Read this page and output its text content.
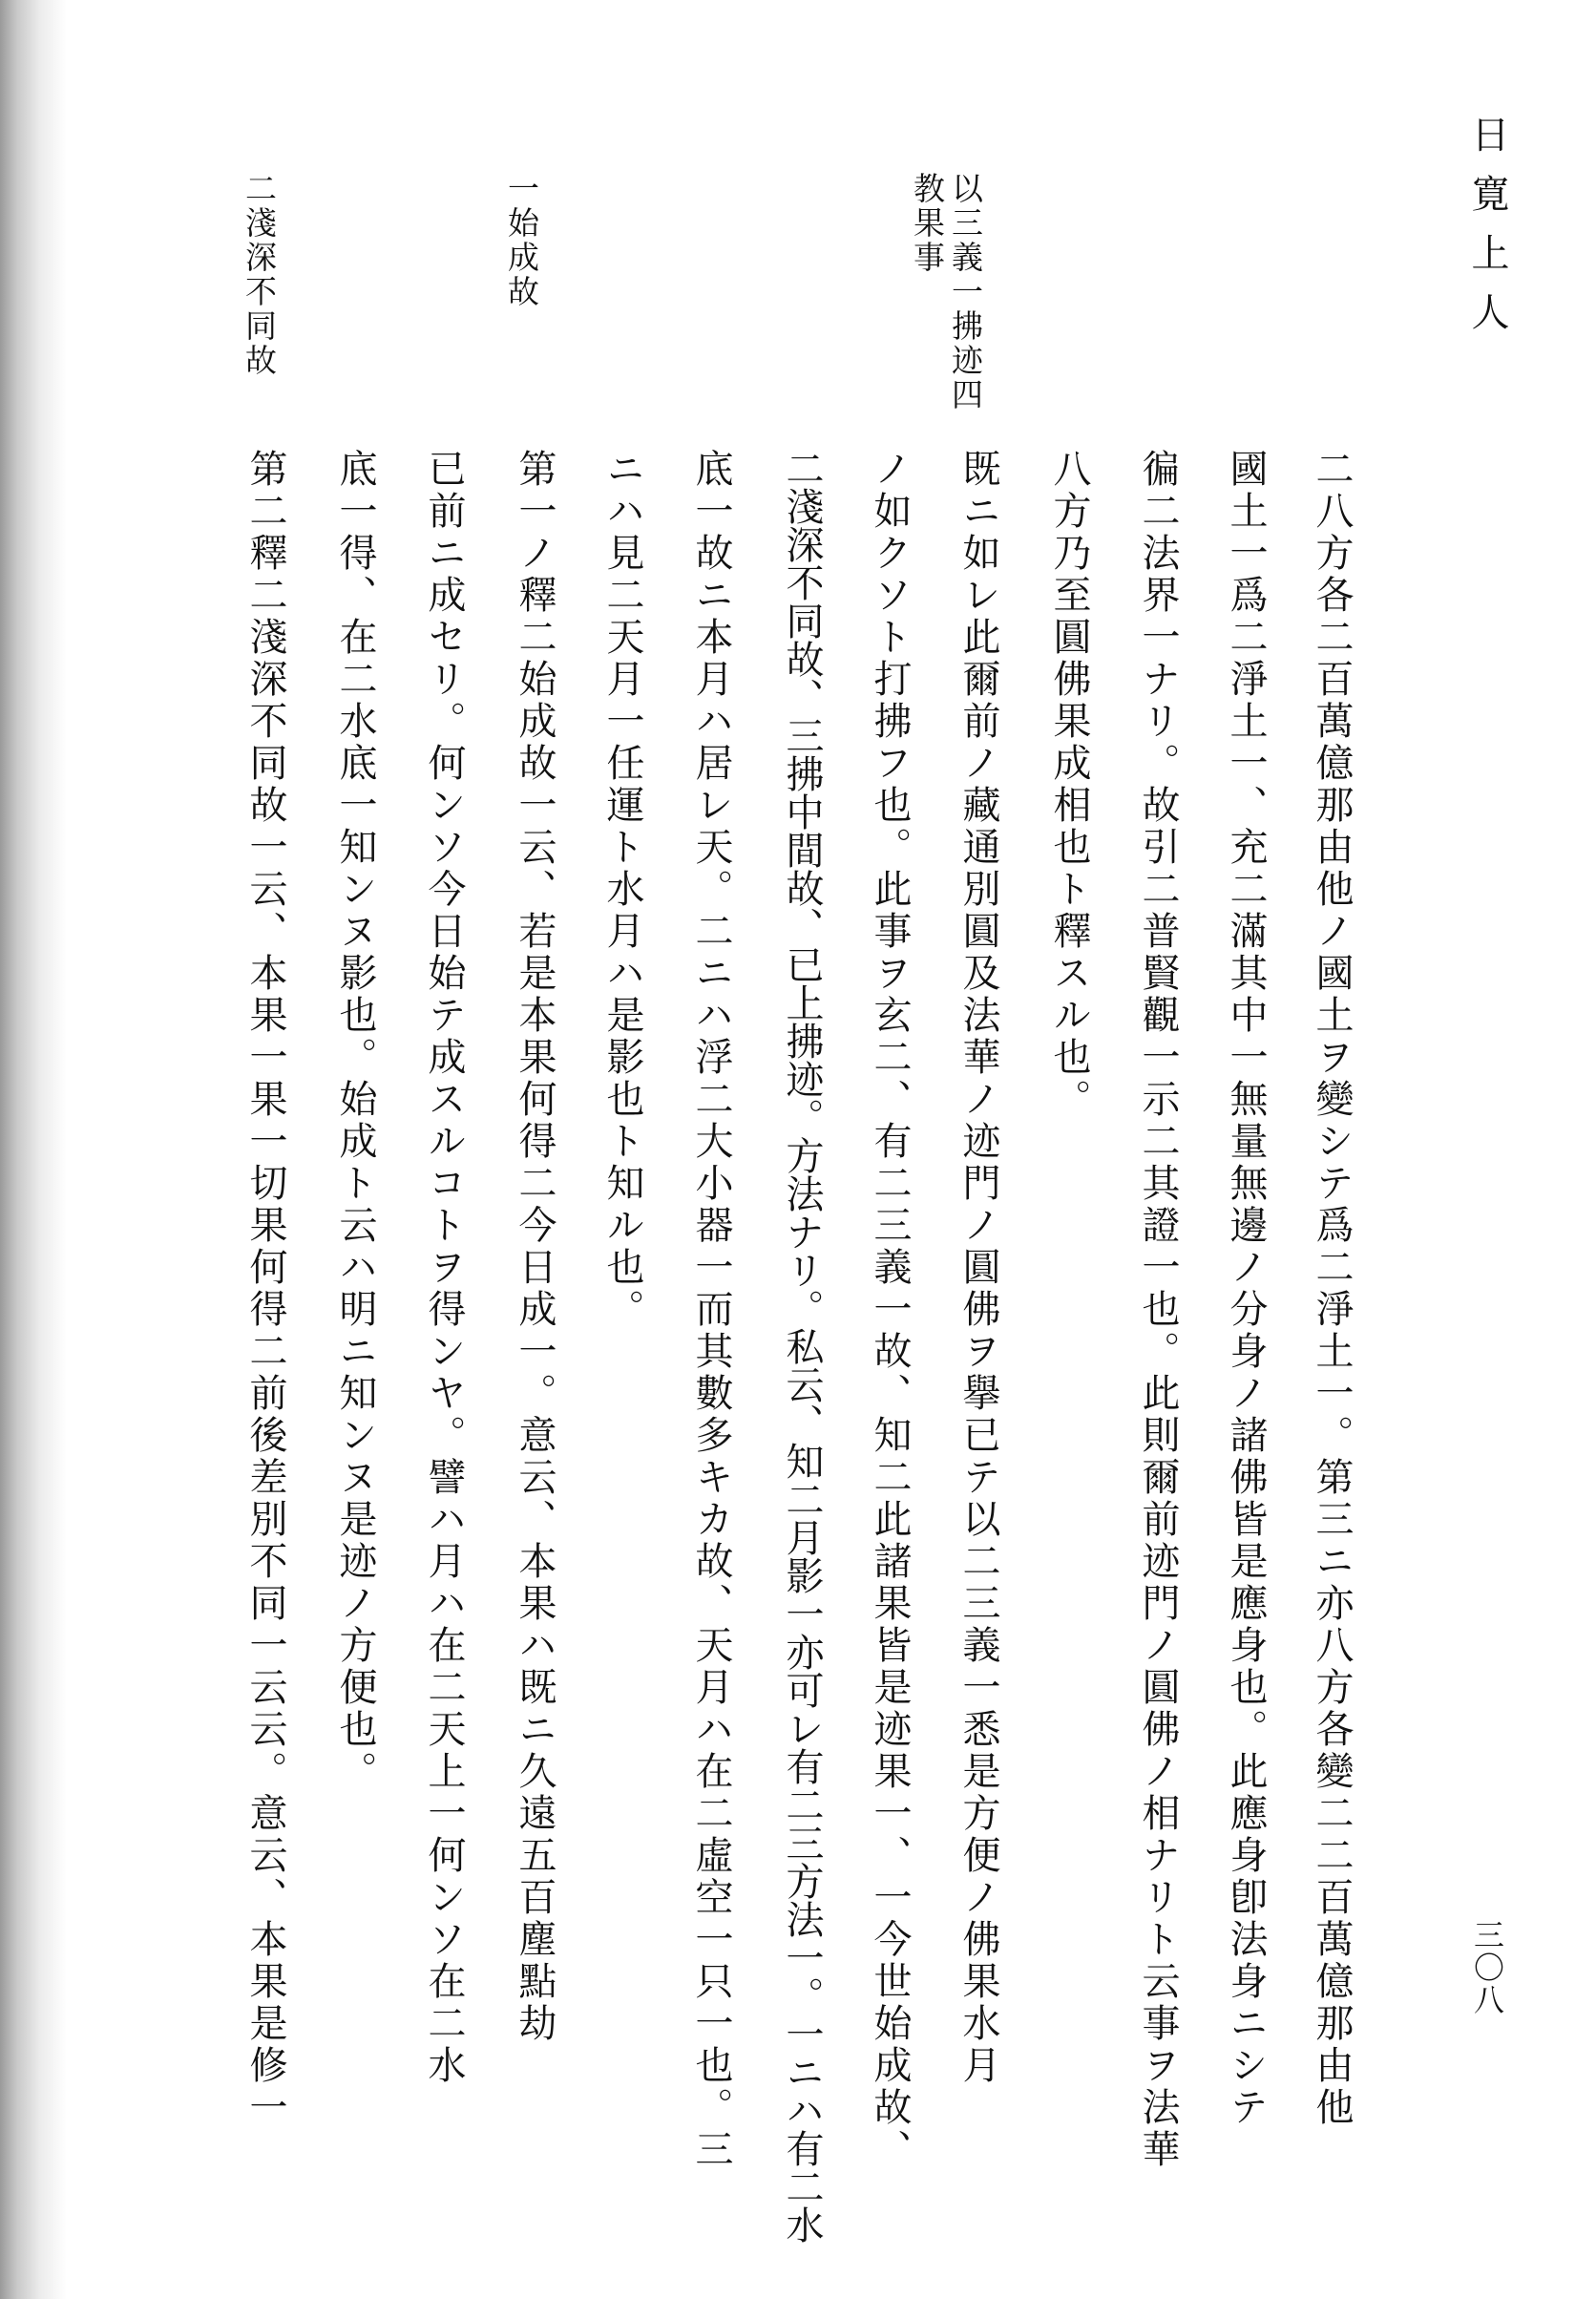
日寛上人
三〇八
以三義一拂迹四
教果事
一始成故
二淺深不同故
二八方各二百萬億那由他ノ國土ヲ變シテ爲二淨土一。第三ニ亦八方各變二二百萬億那由他
國土一爲二淨土一、充二滿其中一無量無邊ノ分身ノ諸佛皆是應身也。此應身卽法身ニシテ
徧二法界一ナリ。故引二普賢觀一示二其證一也。此則爾前迹門ノ圓佛ノ相ナリト云事ヲ法華
八方乃至圓佛果成相也ト釋スル也。
既ニ如レ此爾前ノ藏通別圓及法華ノ迹門ノ圓佛ヲ擧已テ以二三義一悉是方便ノ佛果水月
ノ如クソト打拂フ也。此事ヲ玄二、有二三義一故、知二此諸果皆是迹果一、一今世始成故、
二淺深不同故、三拂中間故、已上拂迹。方法ナリ。私云、知二月影一亦可レ有二三方法一。一ニハ有二水
底一故ニ本月ハ居レ天。二ニハ浮二大小器一而其數多キカ故、天月ハ在二虛空一只一也。三
ニハ見二天月一任運ト水月ハ是影也ト知ル也。
第一ノ釋二始成故一云、若是本果何得二今日成一。意云、本果ハ既ニ久遠五百塵點劫
已前ニ成セリ。何ンソ今日始テ成スルコトヲ得ンヤ。譬ハ月ハ在二天上一何ンソ在二水
底一得、在二水底一知ンヌ影也。始成ト云ハ明ニ知ンヌ是迹ノ方便也。
第二釋二淺深不同故一云、本果一果一切果何得二前後差別不同一云云。意云、本果是修一
